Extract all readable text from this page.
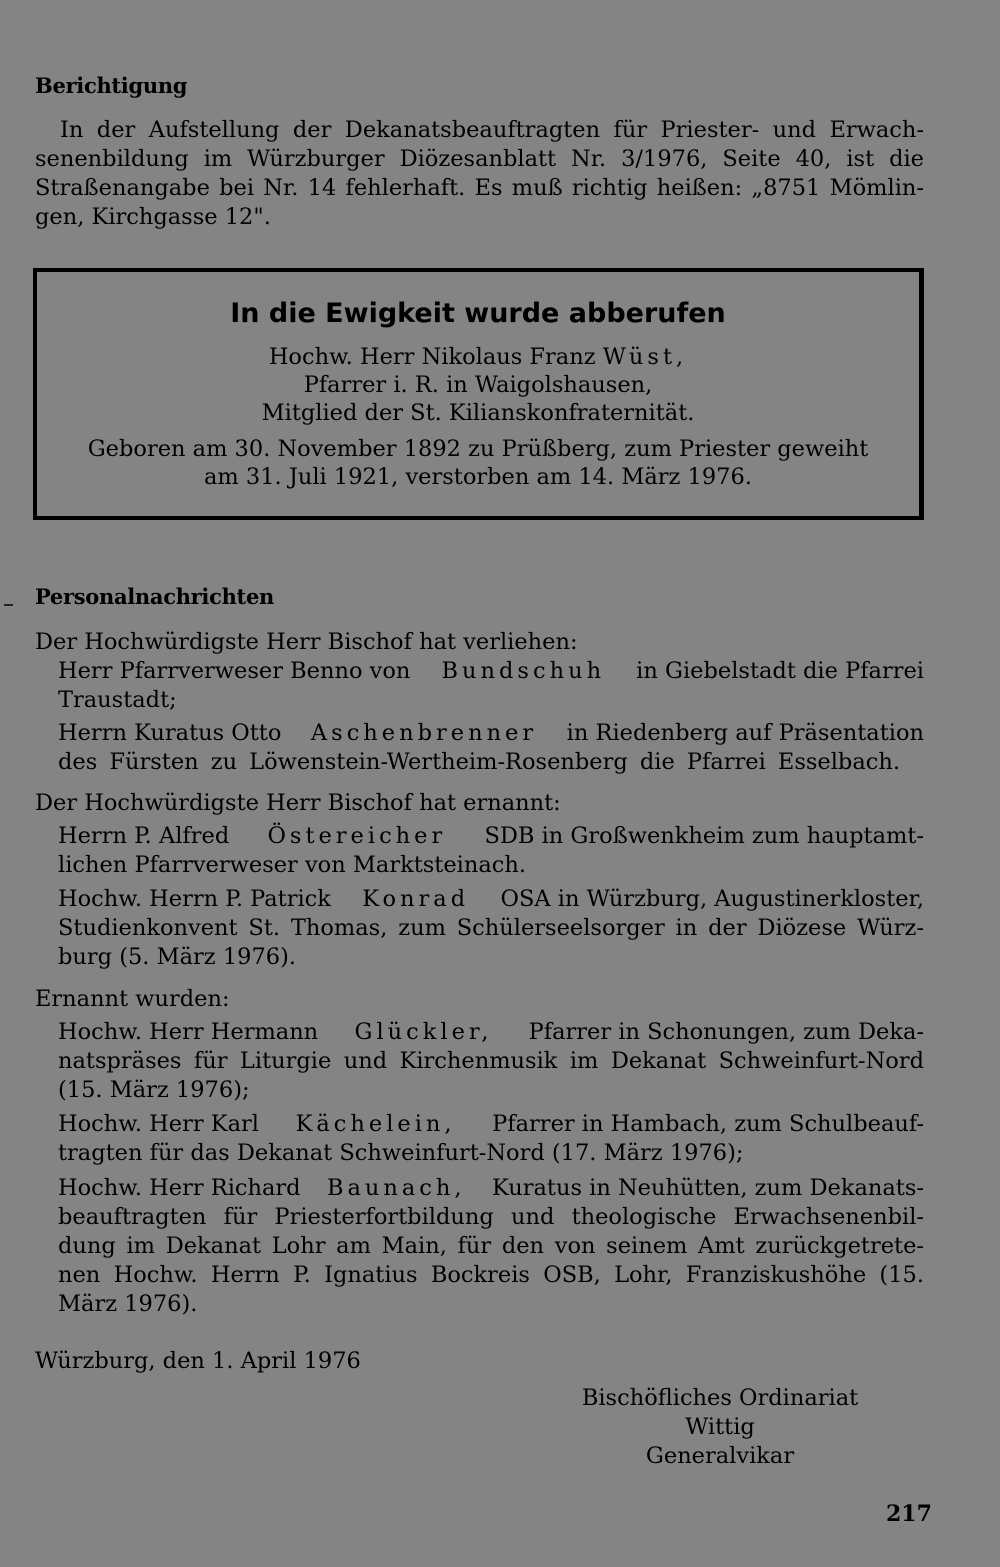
Berichtigung
In der Aufstellung der Dekanatsbeauftragten für Priester- und Erwach-
senenbildung im Würzburger Diözesanblatt Nr. 3/1976, Seite 40, ist die
Straßenangabe bei Nr. 14 fehlerhaft. Es muß richtig heißen: „8751 Mömlin-
gen, Kirchgasse 12".
In die Ewigkeit wurde abberufen
Hochw. Herr Nikolaus Franz Wüst,
Pfarrer i. R. in Waigolshausen,
Mitglied der St. Kilianskonfraternität.
Geboren am 30. November 1892 zu Prüßberg, zum Priester geweiht
am 31. Juli 1921, verstorben am 14. März 1976.
Personalnachrichten
Der Hochwürdigste Herr Bischof hat verliehen:
Herr Pfarrverweser Benno von Bundschuh in Giebelstadt die Pfarrei
Traustadt;
Herrn Kuratus Otto Aschenbrenner in Riedenberg auf Präsentation
des Fürsten zu Löwenstein-Wertheim-Rosenberg die Pfarrei Esselbach.
Der Hochwürdigste Herr Bischof hat ernannt:
Herrn P. Alfred Östereicher SDB in Großwenkheim zum hauptamt-
lichen Pfarrverweser von Marktsteinach.
Hochw. Herrn P. Patrick Konrad OSA in Würzburg, Augustinerkloster,
Studienkonvent St. Thomas, zum Schülerseelsorger in der Diözese Würz-
burg (5. März 1976).
Ernannt wurden:
Hochw. Herr Hermann Glückler, Pfarrer in Schonungen, zum Deka-
natspräses für Liturgie und Kirchenmusik im Dekanat Schweinfurt-Nord
(15. März 1976);
Hochw. Herr Karl Kächelein, Pfarrer in Hambach, zum Schulbeauf-
tragten für das Dekanat Schweinfurt-Nord (17. März 1976);
Hochw. Herr Richard Baunach, Kuratus in Neuhütten, zum Dekanats-
beauftragten für Priesterfortbildung und theologische Erwachsenenbil-
dung im Dekanat Lohr am Main, für den von seinem Amt zurückgetrete-
nen Hochw. Herrn P. Ignatius Bockreis OSB, Lohr, Franziskushöhe (15.
März 1976).
Würzburg, den 1. April 1976
Bischöfliches Ordinariat
Wittig
Generalvikar
217
